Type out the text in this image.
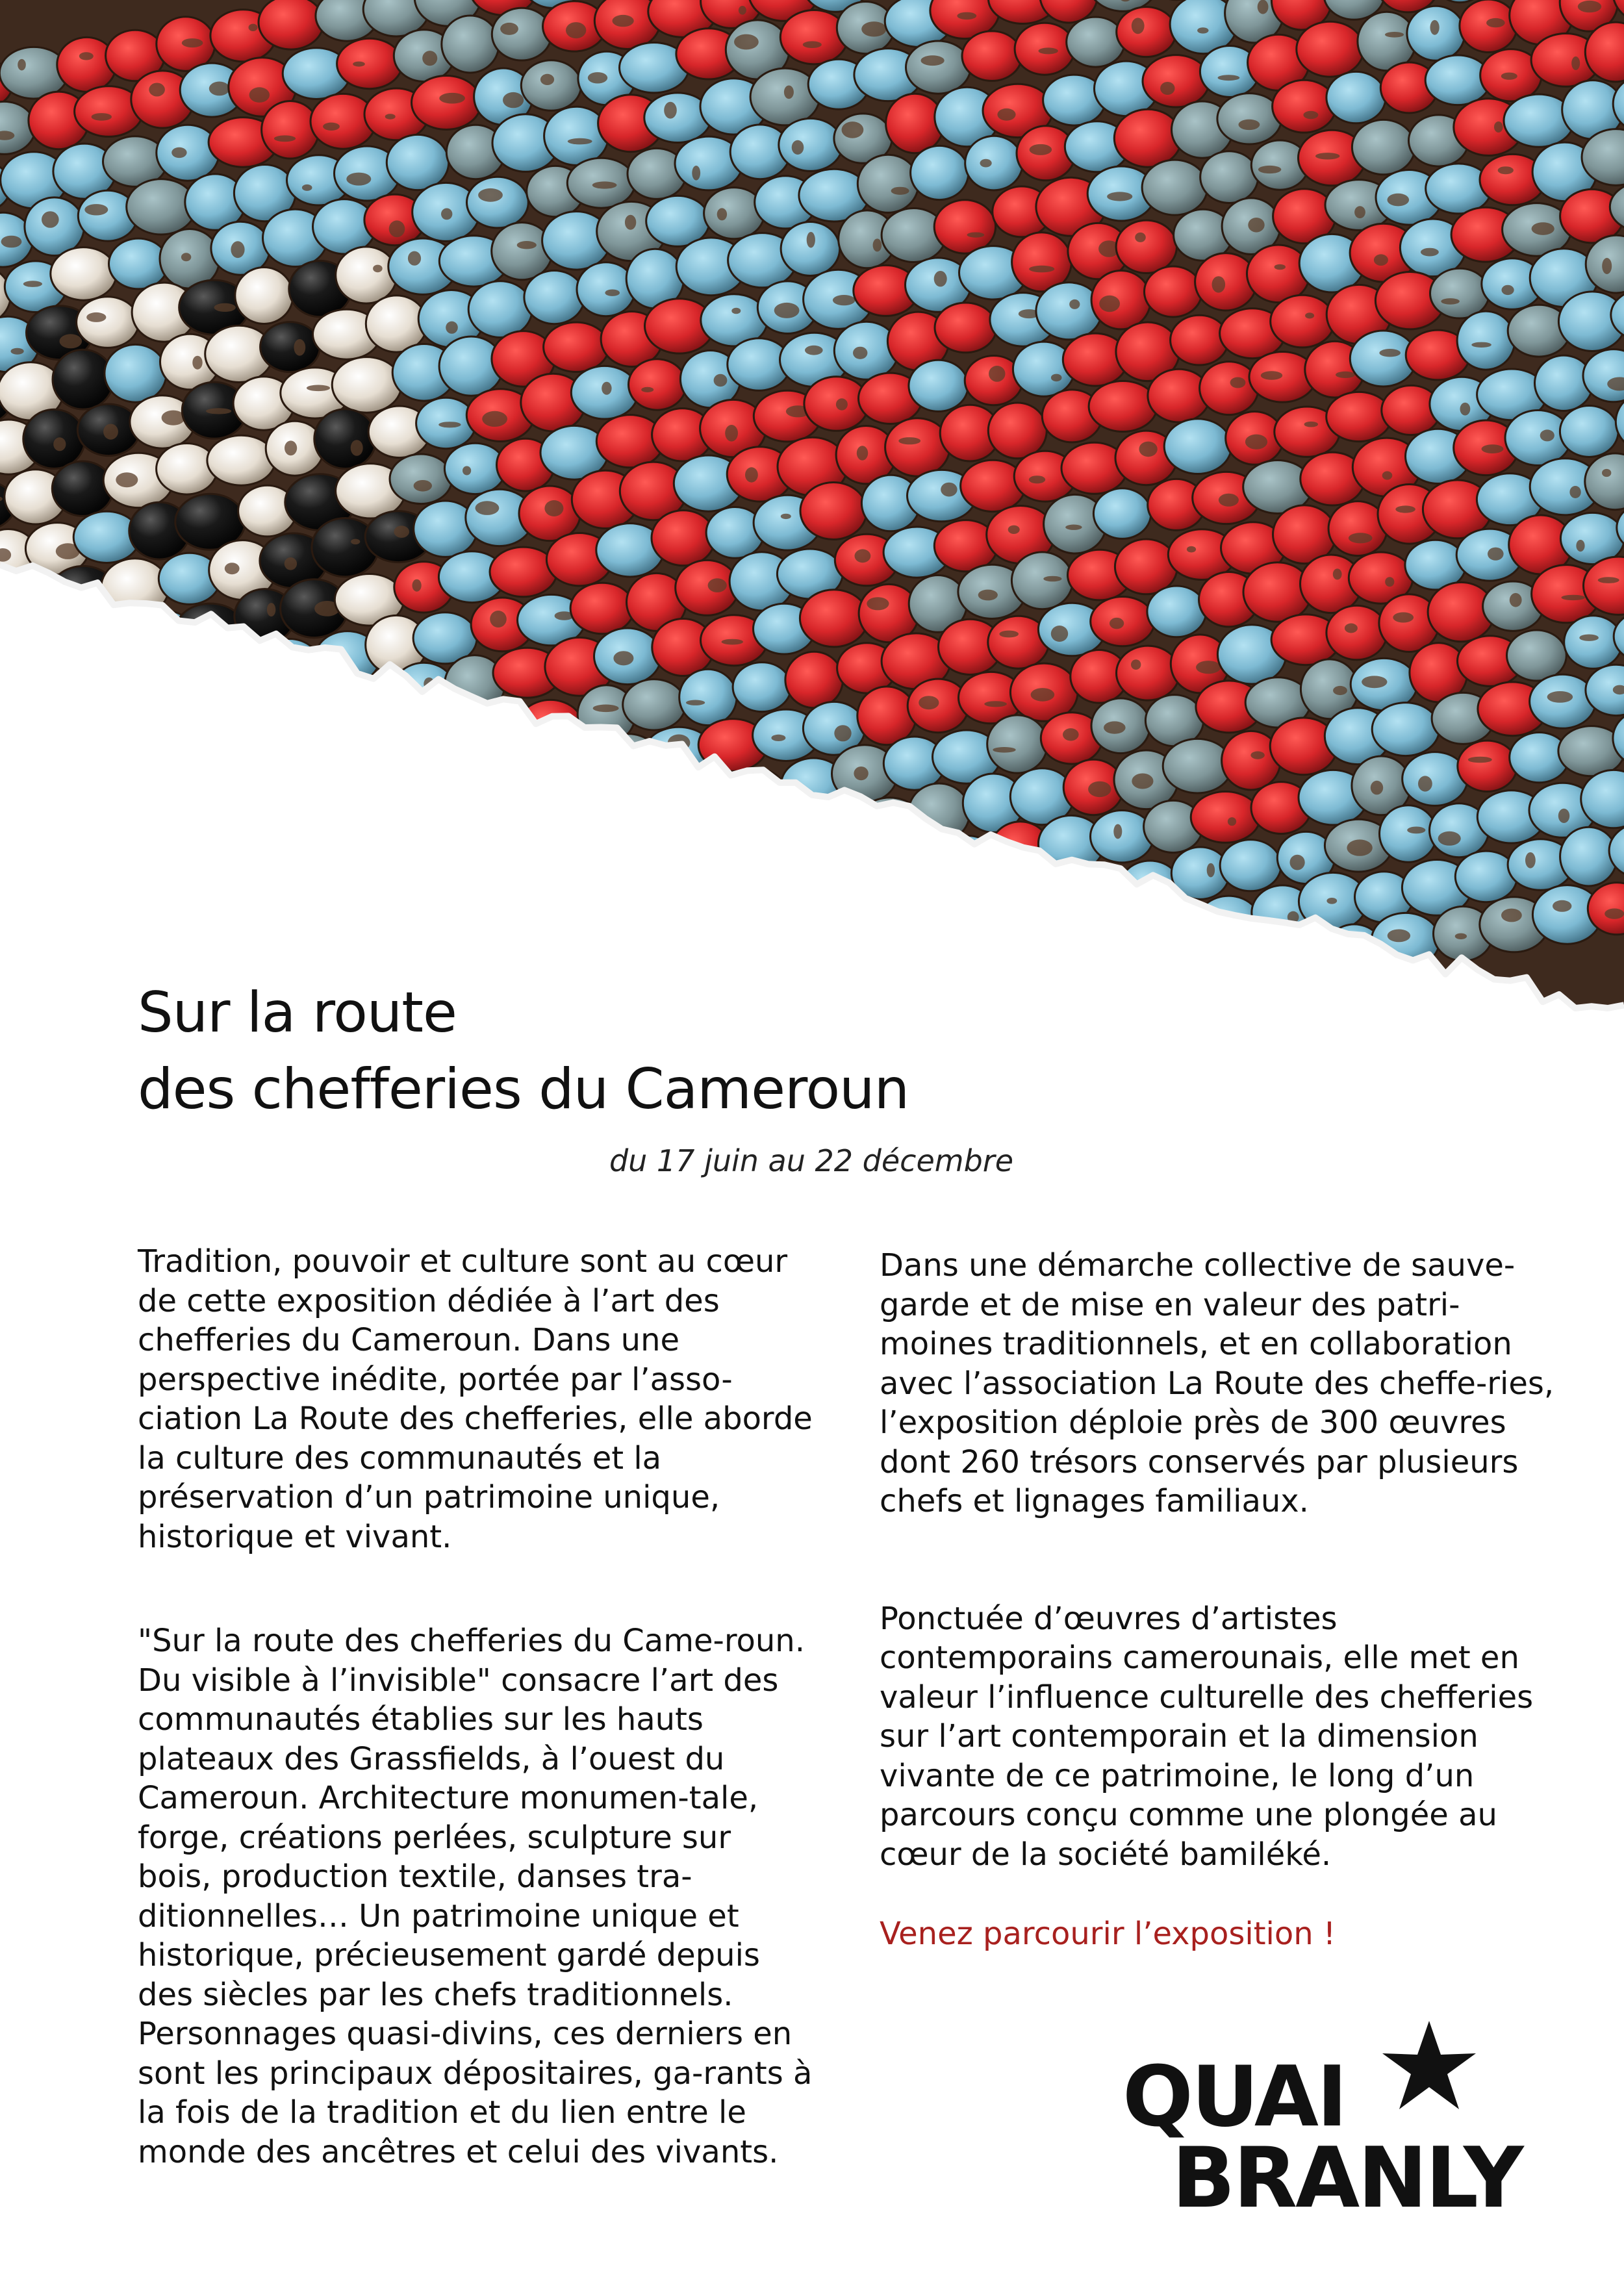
Sur la route
des chefferies du Cameroun
du 17 juin au 22 décembre

Tradition, pouvoir et culture sont au cœur de cette exposition dédiée à l’art des chefferies du Cameroun. Dans une perspective inédite, portée par l’asso-ciation La Route des chefferies, elle aborde la culture des communautés et la préservation d’un patrimoine unique, historique et vivant.

"Sur la route des chefferies du Came-roun. Du visible à l’invisible" consacre l’art des communautés établies sur les hauts plateaux des Grassfields, à l’ouest du Cameroun. Architecture monumen-tale, forge, créations perlées, sculpture sur bois, production textile, danses tra-ditionnelles… Un patrimoine unique et historique, précieusement gardé depuis des siècles par les chefs traditionnels. Personnages quasi-divins, ces derniers en sont les principaux dépositaires, ga-rants à la fois de la tradition et du lien entre le monde des ancêtres et celui des vivants.

Dans une démarche collective de sauve-garde et de mise en valeur des patri-moines traditionnels, et en collaboration avec l’association La Route des cheffe-ries, l’exposition déploie près de 300 œuvres dont 260 trésors conservés par plusieurs chefs et lignages familiaux.

Ponctuée d’œuvres d’artistes contemporains camerounais, elle met en valeur l’influence culturelle des chefferies sur l’art contemporain et la dimension vivante de ce patrimoine, le long d’un parcours conçu comme une plongée au cœur de la société bamiléké.

Venez parcourir l’exposition !

QUAI
BRANLY
